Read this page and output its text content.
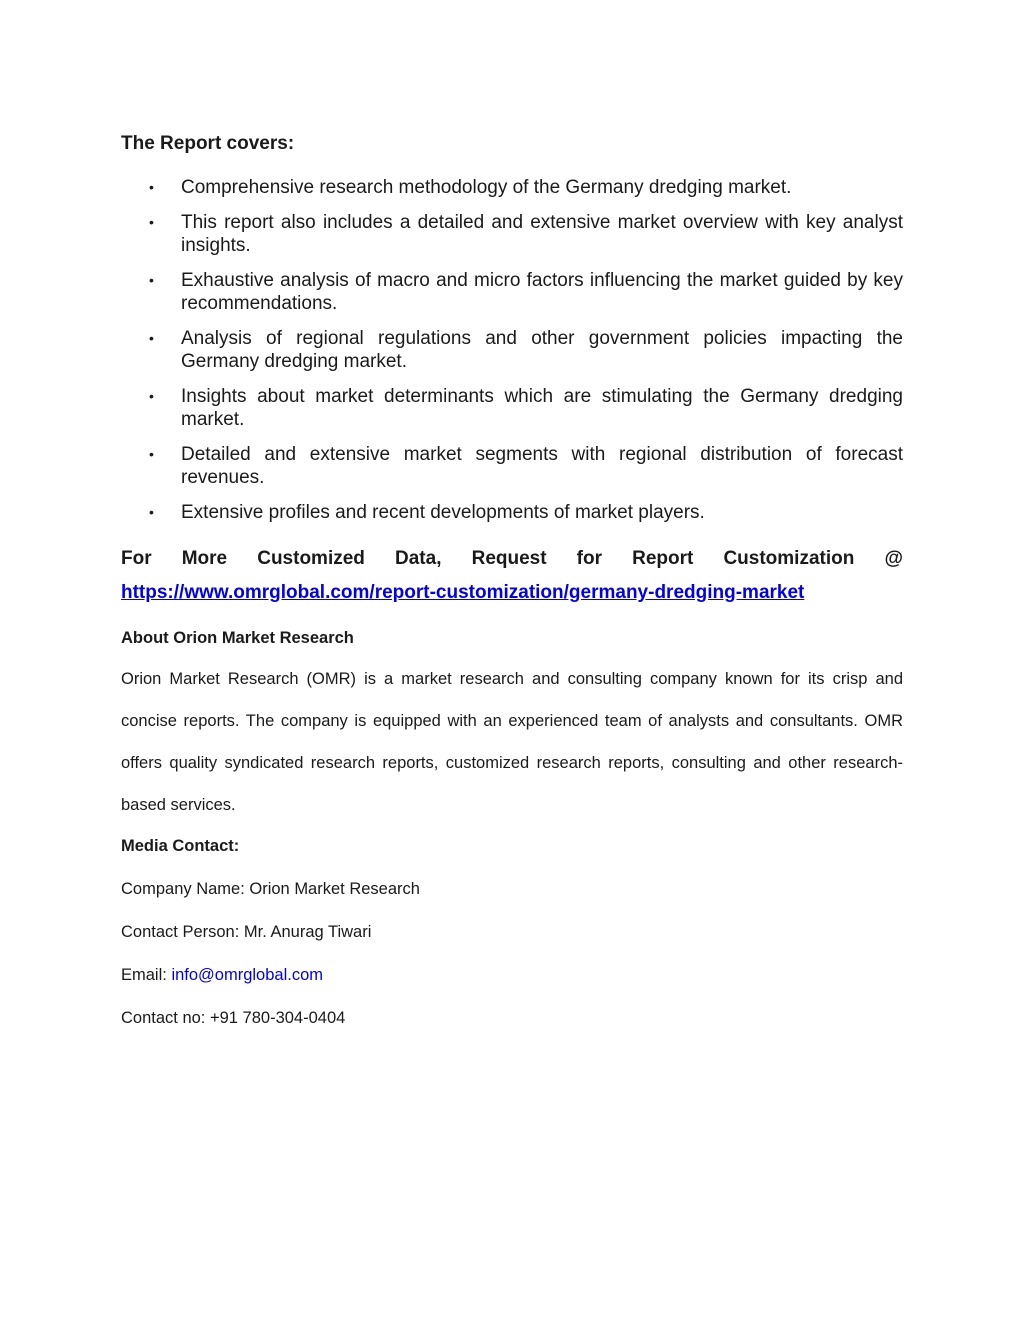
The Report covers:
• Comprehensive research methodology of the Germany dredging market.
• This report also includes a detailed and extensive market overview with key analyst insights.
• Exhaustive analysis of macro and micro factors influencing the market guided by key recommendations.
• Analysis of regional regulations and other government policies impacting the Germany dredging market.
• Insights about market determinants which are stimulating the Germany dredging market.
• Detailed and extensive market segments with regional distribution of forecast revenues.
• Extensive profiles and recent developments of market players.
For More Customized Data, Request for Report Customization @
https://www.omrglobal.com/report-customization/germany-dredging-market
About Orion Market Research
Orion Market Research (OMR) is a market research and consulting company known for its crisp and concise reports. The company is equipped with an experienced team of analysts and consultants. OMR offers quality syndicated research reports, customized research reports, consulting and other research-based services.
Media Contact:
Company Name: Orion Market Research
Contact Person: Mr. Anurag Tiwari
Email: info@omrglobal.com
Contact no: +91 780-304-0404
